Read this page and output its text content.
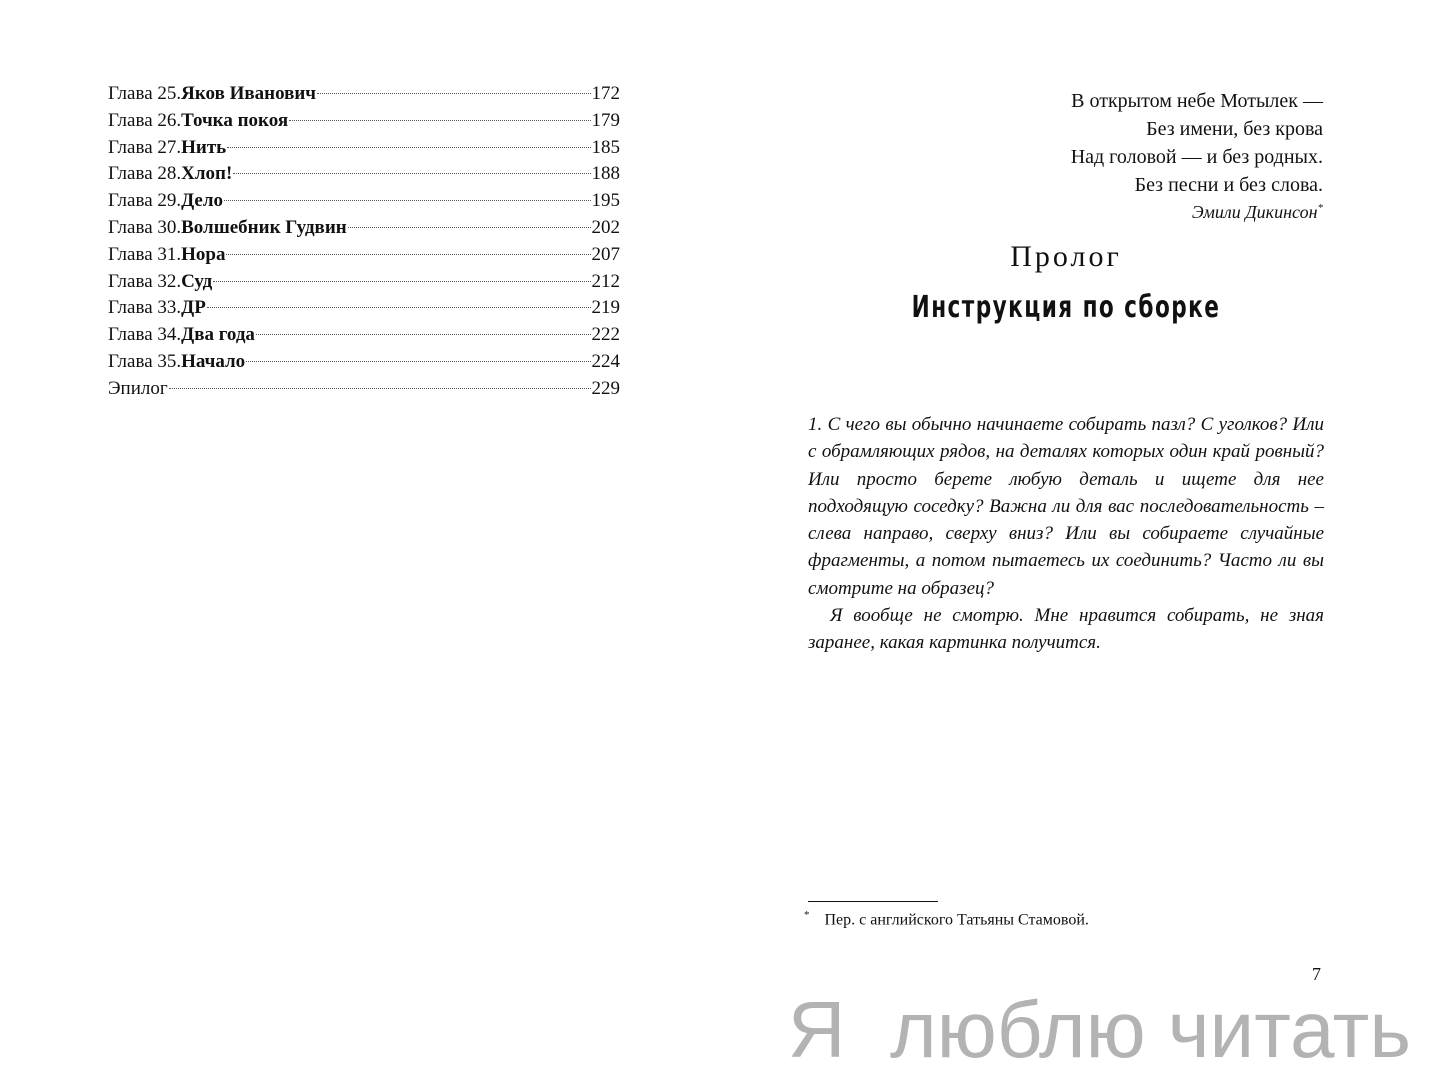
Глава 25. Яков Иванович	172
Глава 26. Точка покоя	179
Глава 27. Нить	185
Глава 28. Хлоп!	188
Глава 29. Дело	195
Глава 30. Волшебник Гудвин	202
Глава 31. Нора	207
Глава 32. Суд	212
Глава 33. ДР	219
Глава 34. Два года	222
Глава 35. Начало	224
Эпилог	229
В открытом небе Мотылек —
Без имени, без крова
Над головой — и без родных.
Без песни и без слова.
Эмили Дикинсон*
Пролог
Инструкция по сборке

1. С чего вы обычно начинаете собирать пазл? С уголков? Или с обрамляющих рядов, на деталях которых один край ровный? Или просто берете любую деталь и ищете для нее подходящую соседку? Важна ли для вас последовательность – слева направо, сверху вниз? Или вы собираете случайные фрагменты, а потом пытаетесь их соединить? Часто ли вы смотрите на образец?

Я вообще не смотрю. Мне нравится собирать, не зная заранее, какая картинка получится.

* Пер. с английского Татьяны Стамовой.
7
Я  люблю читать
